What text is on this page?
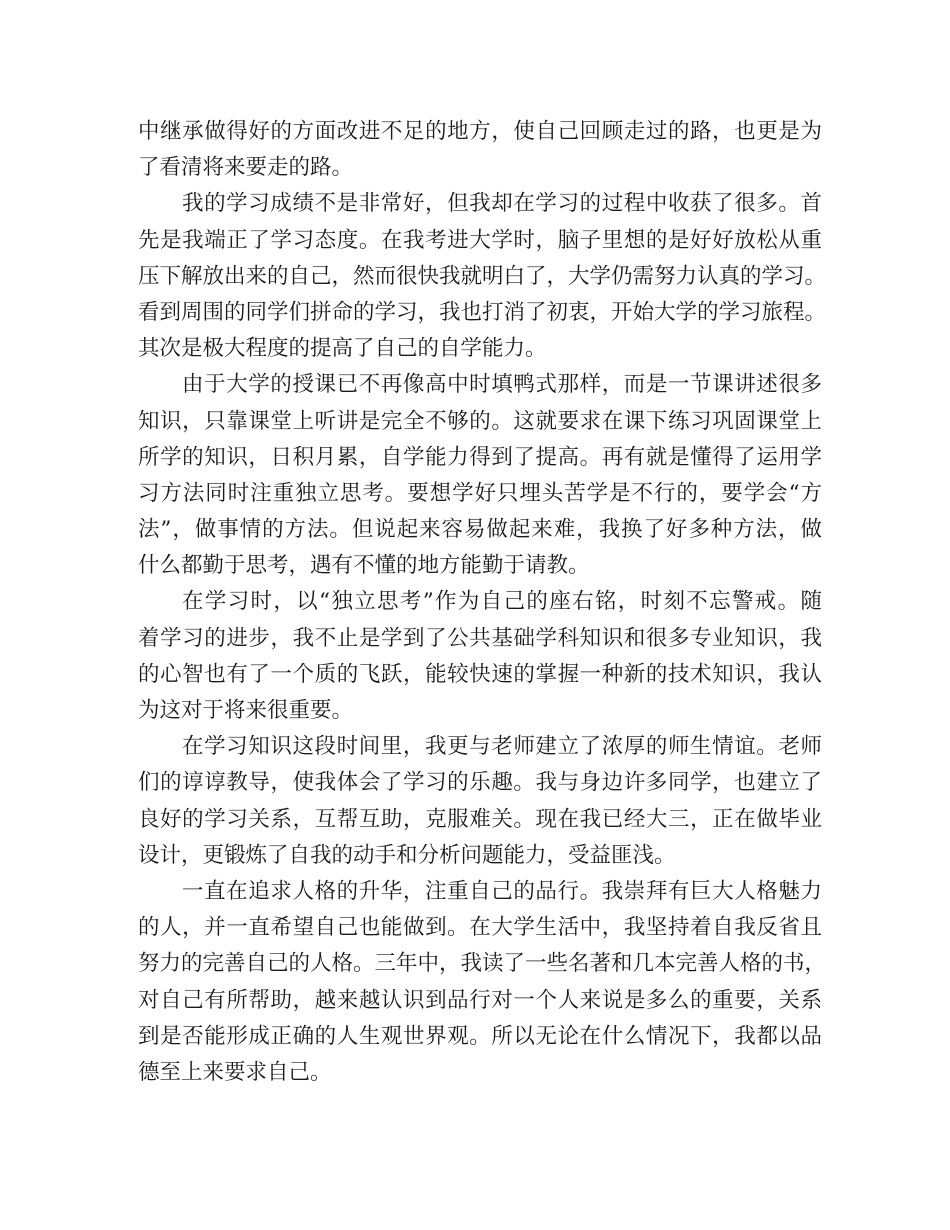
中继承做得好的方面改进不足的地方，使自己回顾走过的路，也更是为
了看清将来要走的路。
我的学习成绩不是非常好，但我却在学习的过程中收获了很多。首
先是我端正了学习态度。在我考进大学时，脑子里想的是好好放松从重
压下解放出来的自己，然而很快我就明白了，大学仍需努力认真的学习。
看到周围的同学们拼命的学习，我也打消了初衷，开始大学的学习旅程。
其次是极大程度的提高了自己的自学能力。
由于大学的授课已不再像高中时填鸭式那样，而是一节课讲述很多
知识，只靠课堂上听讲是完全不够的。这就要求在课下练习巩固课堂上
所学的知识，日积月累，自学能力得到了提高。再有就是懂得了运用学
习方法同时注重独立思考。要想学好只埋头苦学是不行的，要学会“方
法”，做事情的方法。但说起来容易做起来难，我换了好多种方法，做
什么都勤于思考，遇有不懂的地方能勤于请教。
在学习时，以“独立思考”作为自己的座右铭，时刻不忘警戒。随
着学习的进步，我不止是学到了公共基础学科知识和很多专业知识，我
的心智也有了一个质的飞跃，能较快速的掌握一种新的技术知识，我认
为这对于将来很重要。
在学习知识这段时间里，我更与老师建立了浓厚的师生情谊。老师
们的谆谆教导，使我体会了学习的乐趣。我与身边许多同学，也建立了
良好的学习关系，互帮互助，克服难关。现在我已经大三，正在做毕业
设计，更锻炼了自我的动手和分析问题能力，受益匪浅。
一直在追求人格的升华，注重自己的品行。我崇拜有巨大人格魅力
的人，并一直希望自己也能做到。在大学生活中，我坚持着自我反省且
努力的完善自己的人格。三年中，我读了一些名著和几本完善人格的书，
对自己有所帮助，越来越认识到品行对一个人来说是多么的重要，关系
到是否能形成正确的人生观世界观。所以无论在什么情况下，我都以品
德至上来要求自己。
